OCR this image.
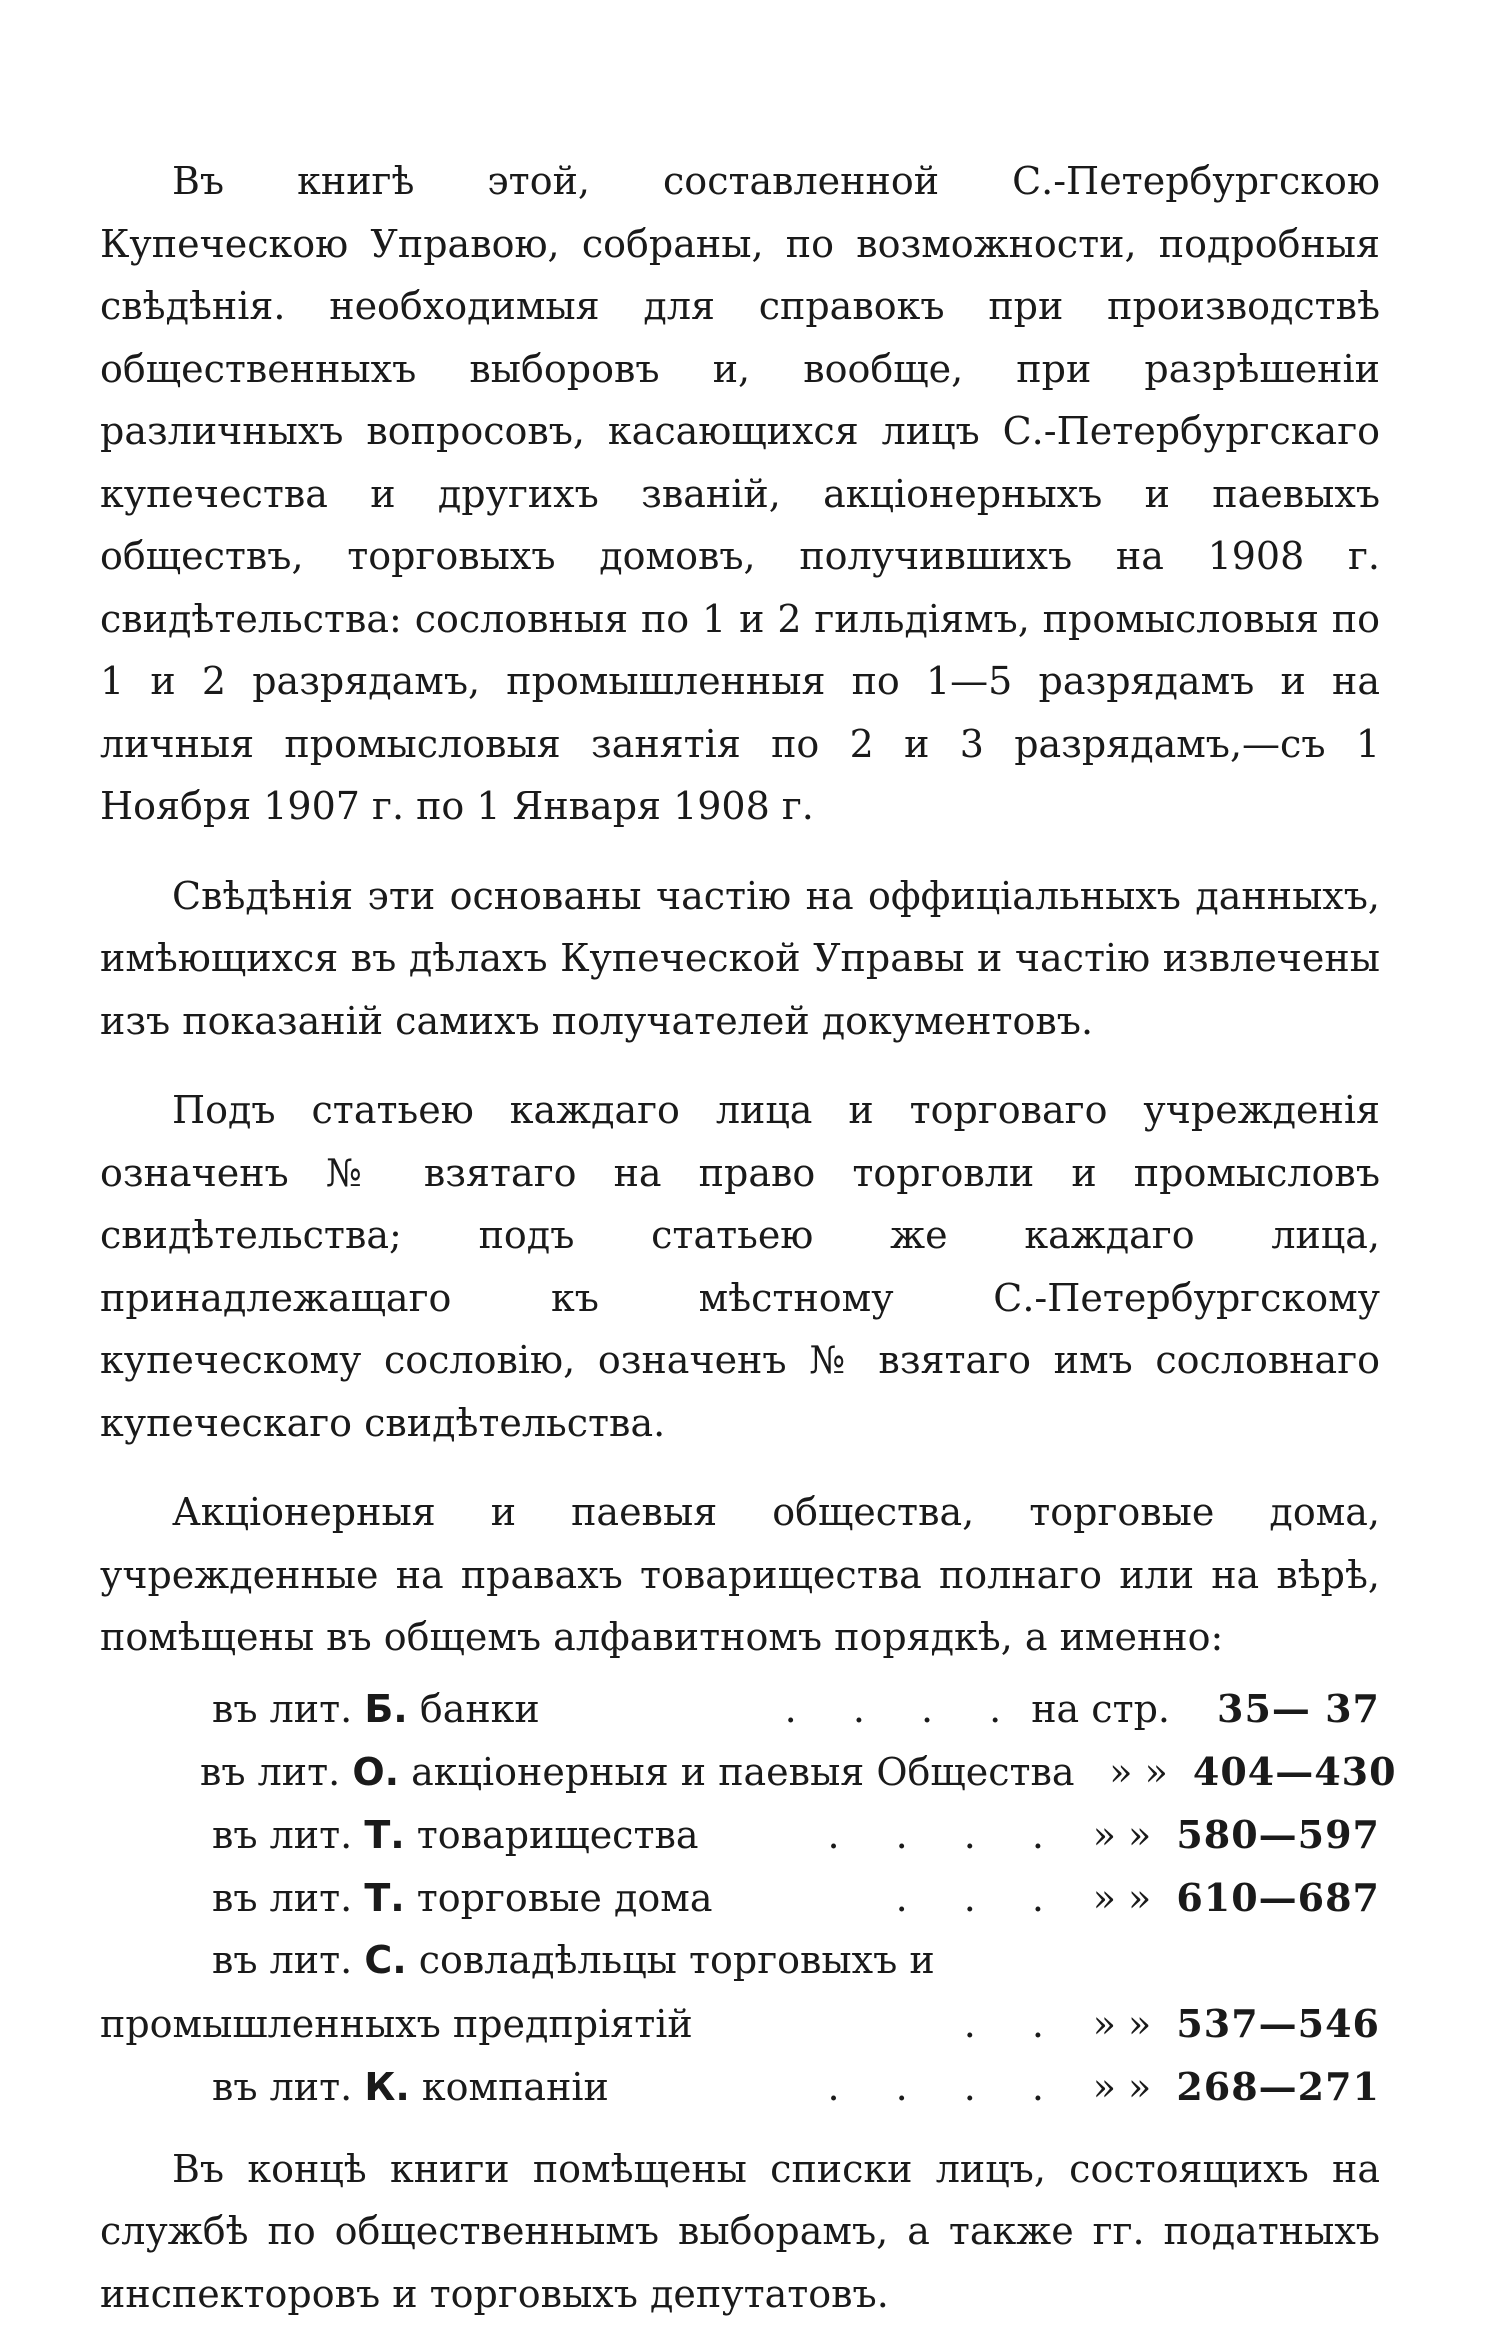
Въ книгѣ этой, составленной С.-Петербургскою Купеческою Управою, собраны, по возможности, подробныя свѣдѣнія. необходимыя для справокъ при производствѣ общественныхъ выборовъ и, вообще, при разрѣшеніи различныхъ вопросовъ, касающихся лицъ С.-Петербургскаго купечества и другихъ званій, акціонерныхъ и паевыхъ обществъ, торговыхъ домовъ, получившихъ на 1908 г. свидѣтельства: сословныя по 1 и 2 гильдіямъ, промысловыя по 1 и 2 разрядамъ, промышленныя по 1—5 разрядамъ и на личныя промысловыя занятія по 2 и 3 разрядамъ,—съ 1 Ноября 1907 г. по 1 Января 1908 г.

Свѣдѣнія эти основаны частію на оффиціальныхъ данныхъ, имѣющихся въ дѣлахъ Купеческой Управы и частію извлечены изъ показаній самихъ получателей документовъ.

Подъ статьею каждаго лица и торговаго учрежденія означенъ № взятаго на право торговли и промысловъ свидѣтельства; подъ статьею же каждаго лица, принадлежащаго къ мѣстному С.-Петербургскому купеческому сословію, означенъ № взятаго имъ сословнаго купеческаго свидѣтельства.

Акціонерныя и паевыя общества, торговые дома, учрежденные на правахъ товарищества полнаго или на вѣрѣ, помѣщены въ общемъ алфавитномъ порядкѣ, а именно:

въ лит. Б. банки	. . . . на стр.	35— 37
въ лит. О. акціонерныя и паевыя Общества » » 404—430
въ лит. Т. товарищества	. . . . » » 580—597
въ лит. Т. торговые дома	. . . » » 610—687
въ лит. С. совладѣльцы торговыхъ и
промышленныхъ предпріятій	. . » » 537—546
въ лит. К. компаніи	. . . . » » 268—271

Въ концѣ книги помѣщены списки лицъ, состоящихъ на службѣ по общественнымъ выборамъ, а также гг. податныхъ инспекторовъ и торговыхъ депутатовъ.
